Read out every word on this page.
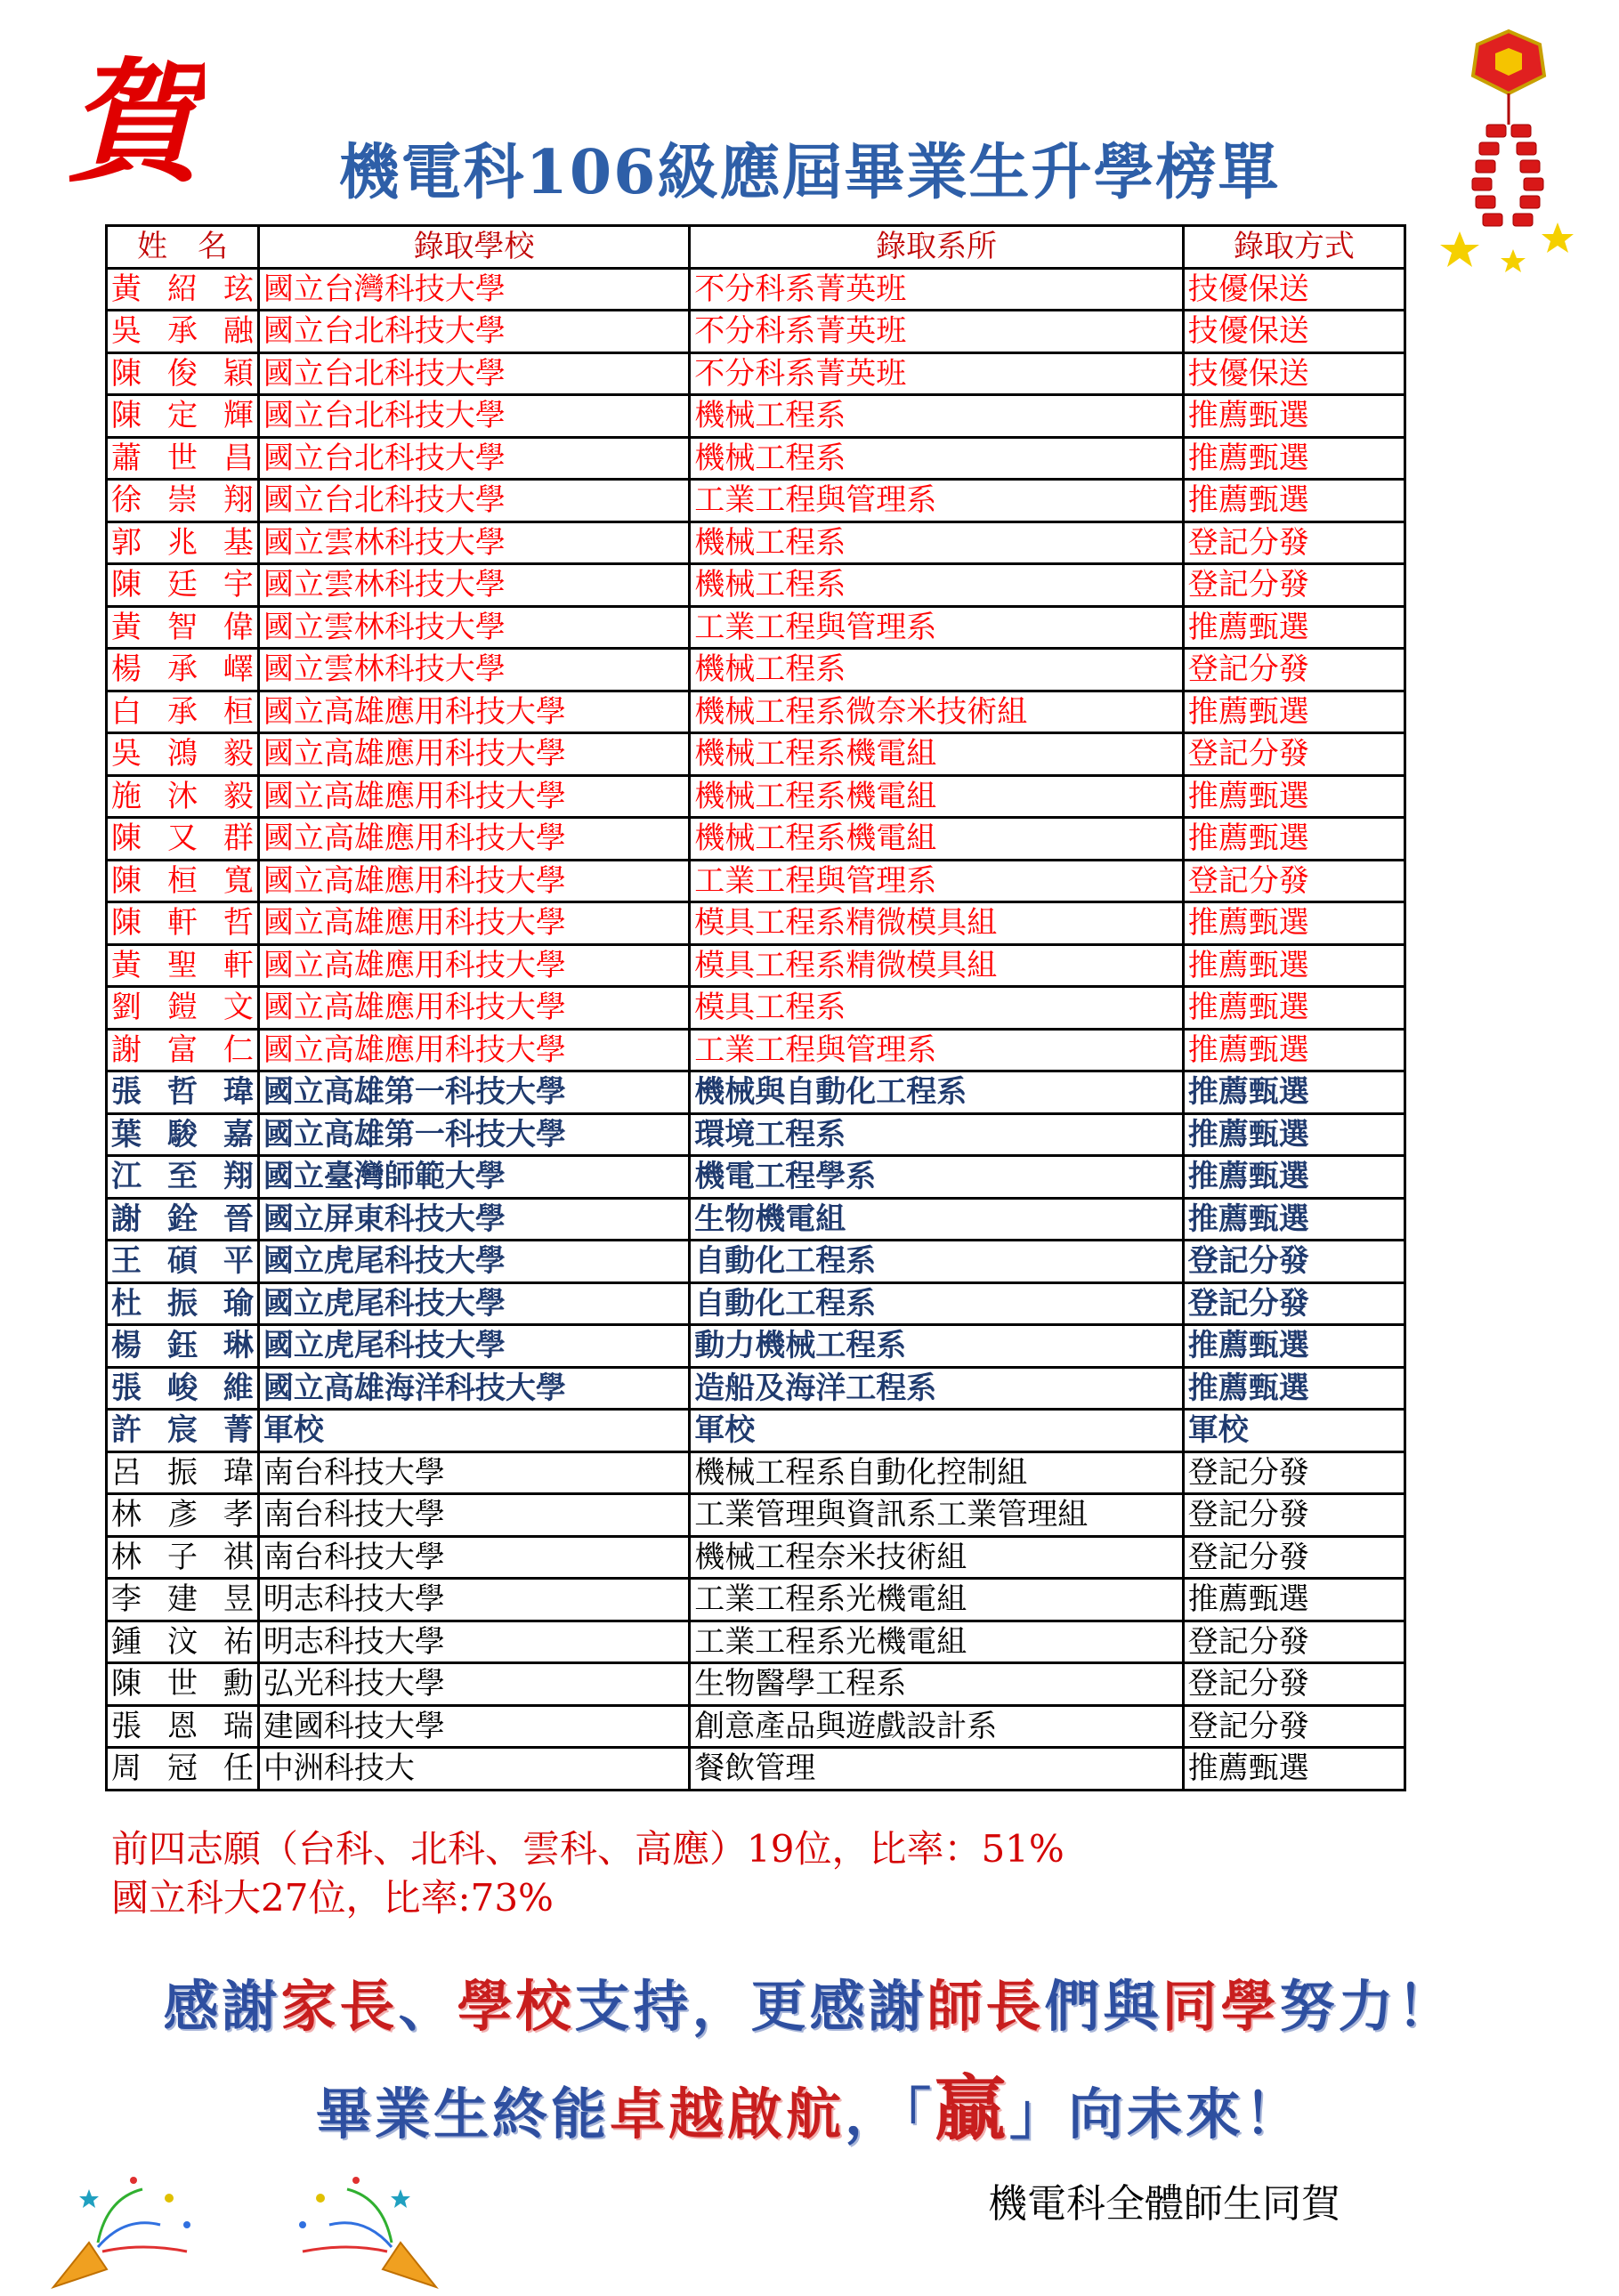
賀	機電科106級應屆畢業生升學榜單
姓　名	錄取學校	錄取系所	錄取方式
黃紹玹	國立台灣科技大學	不分科系菁英班	技優保送
吳承融	國立台北科技大學	不分科系菁英班	技優保送
陳俊穎	國立台北科技大學	不分科系菁英班	技優保送
陳定輝	國立台北科技大學	機械工程系	推薦甄選
蕭世昌	國立台北科技大學	機械工程系	推薦甄選
徐崇翔	國立台北科技大學	工業工程與管理系	推薦甄選
郭兆基	國立雲林科技大學	機械工程系	登記分發
陳廷宇	國立雲林科技大學	機械工程系	登記分發
黃智偉	國立雲林科技大學	工業工程與管理系	推薦甄選
楊承嶧	國立雲林科技大學	機械工程系	登記分發
白承桓	國立高雄應用科技大學	機械工程系微奈米技術組	推薦甄選
吳鴻毅	國立高雄應用科技大學	機械工程系機電組	登記分發
施沐毅	國立高雄應用科技大學	機械工程系機電組	推薦甄選
陳又群	國立高雄應用科技大學	機械工程系機電組	推薦甄選
陳桓寬	國立高雄應用科技大學	工業工程與管理系	登記分發
陳軒哲	國立高雄應用科技大學	模具工程系精微模具組	推薦甄選
黃聖軒	國立高雄應用科技大學	模具工程系精微模具組	推薦甄選
劉鎧文	國立高雄應用科技大學	模具工程系	推薦甄選
謝富仁	國立高雄應用科技大學	工業工程與管理系	推薦甄選
張哲瑋	國立高雄第一科技大學	機械與自動化工程系	推薦甄選
葉駿嘉	國立高雄第一科技大學	環境工程系	推薦甄選
江至翔	國立臺灣師範大學	機電工程學系	推薦甄選
謝銓晉	國立屏東科技大學	生物機電組	推薦甄選
王碩平	國立虎尾科技大學	自動化工程系	登記分發
杜振瑜	國立虎尾科技大學	自動化工程系	登記分發
楊鈺琳	國立虎尾科技大學	動力機械工程系	推薦甄選
張峻維	國立高雄海洋科技大學	造船及海洋工程系	推薦甄選
許宸菁	軍校	軍校	軍校
呂振瑋	南台科技大學	機械工程系自動化控制組	登記分發
林彥孝	南台科技大學	工業管理與資訊系工業管理組	登記分發
林子祺	南台科技大學	機械工程奈米技術組	登記分發
李建昱	明志科技大學	工業工程系光機電組	推薦甄選
鍾汶祐	明志科技大學	工業工程系光機電組	登記分發
陳世勳	弘光科技大學	生物醫學工程系	登記分發
張恩瑞	建國科技大學	創意產品與遊戲設計系	登記分發
周冠任	中洲科技大	餐飲管理	推薦甄選
前四志願（台科、北科、雲科、高應）19位，比率：51%
國立科大27位，比率:73%
感謝家長、學校支持，更感謝師長們與同學努力！
畢業生終能卓越啟航，「贏」向未來！
機電科全體師生同賀
